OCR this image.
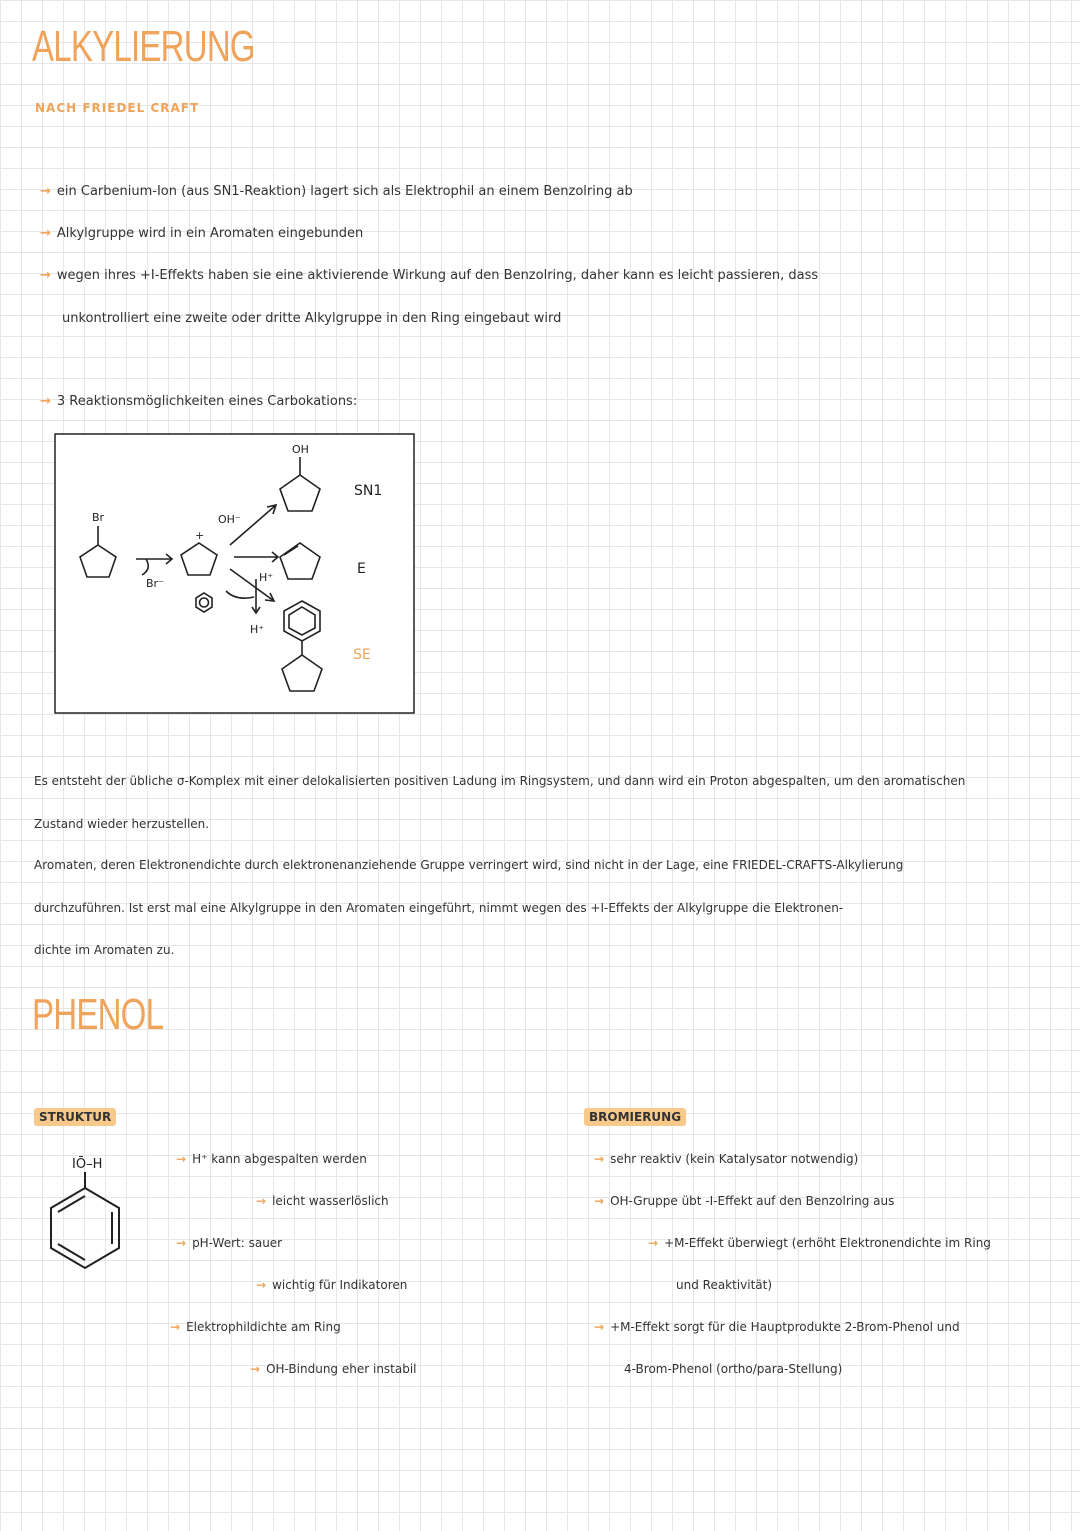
ALKYLIERUNG
NACH FRIEDEL CRAFT
→ ein Carbenium-Ion (aus SN1-Reaktion) lagert sich als Elektrophil an einem Benzolring ab
→ Alkylgruppe wird in ein Aromaten eingebunden
→ wegen ihres +I-Effekts haben sie eine aktivierende Wirkung auf den Benzolring, daher kann es leicht passieren, dass
unkontrolliert eine zweite oder dritte Alkylgruppe in den Ring eingebaut wird
→ 3 Reaktionsmöglichkeiten eines Carbokations:
Br
Br⁻
+
OH⁻
OH
H⁺
H⁺
SN1
E
SE
Es entsteht der übliche σ-Komplex mit einer delokalisierten positiven Ladung im Ringsystem, und dann wird ein Proton abgespalten, um den aromatischen
Zustand wieder herzustellen.
Aromaten, deren Elektronendichte durch elektronenanziehende Gruppe verringert wird, sind nicht in der Lage, eine FRIEDEL-CRAFTS-Alkylierung
durchzuführen. Ist erst mal eine Alkylgruppe in den Aromaten eingeführt, nimmt wegen des +I-Effekts der Alkylgruppe die Elektronen-
dichte im Aromaten zu.
PHENOL
STRUKTUR
IŌ–H	→ H⁺ kann abgespalten werden
→ leicht wasserlöslich
→ pH-Wert: sauer
→ wichtig für Indikatoren
→ Elektrophildichte am Ring
→ OH-Bindung eher instabil
BROMIERUNG
→ sehr reaktiv (kein Katalysator notwendig)
→ OH-Gruppe übt -I-Effekt auf den Benzolring aus
→ +M-Effekt überwiegt (erhöht Elektronendichte im Ring
und Reaktivität)
→ +M-Effekt sorgt für die Hauptprodukte 2-Brom-Phenol und
4-Brom-Phenol (ortho/para-Stellung)
